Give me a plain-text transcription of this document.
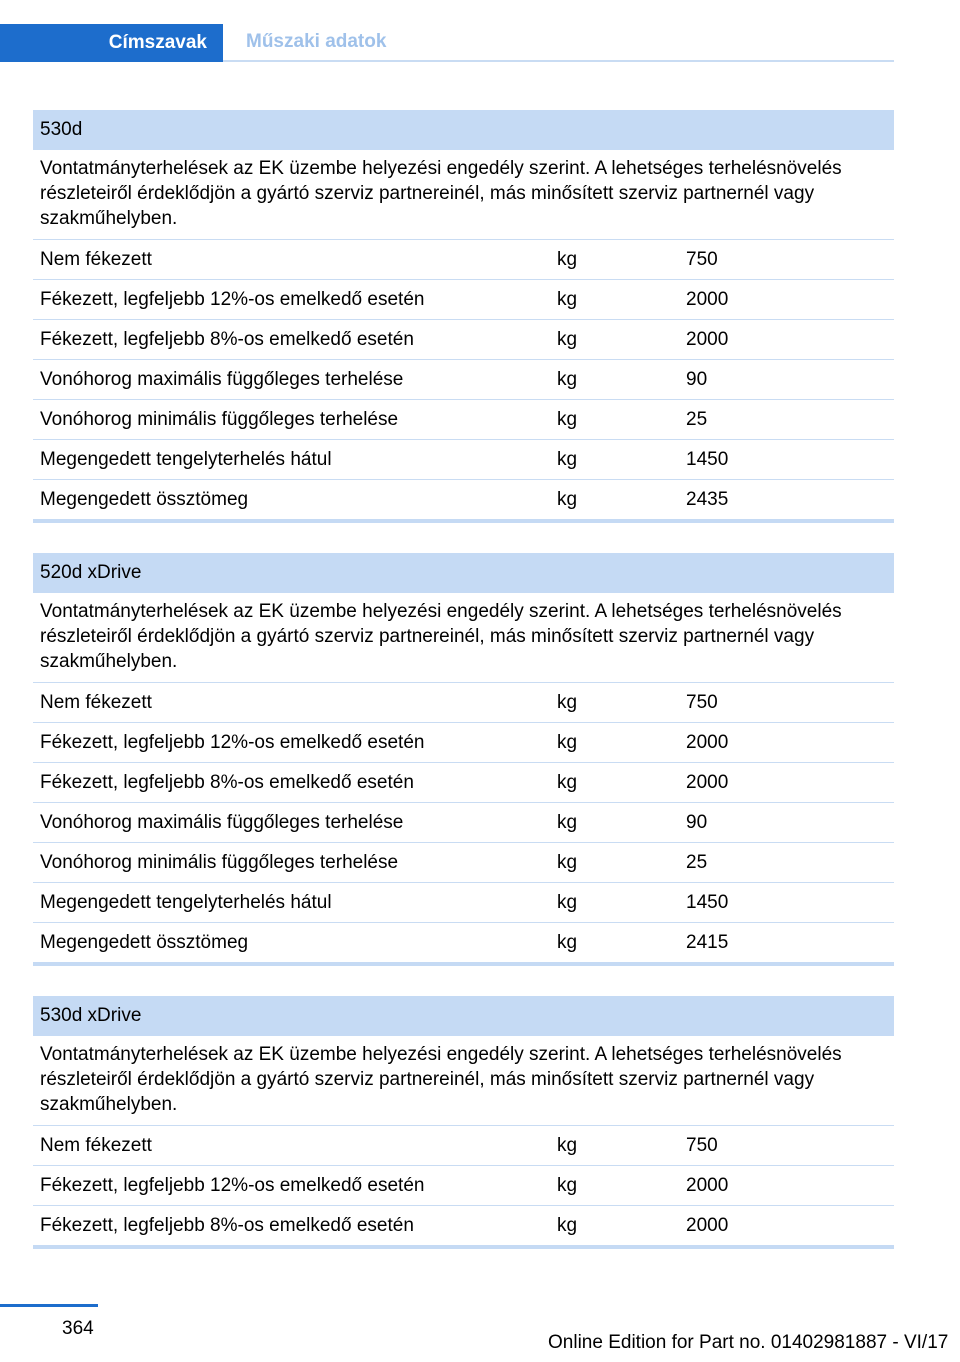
Címszavak	Műszaki adatok
530d
Vontatmányterhelések az EK üzembe helyezési engedély szerint. A lehetséges terhelésnövelés részleteiről érdeklődjön a gyártó szerviz partnereinél, más minősített szerviz partnernél vagy szakműhelyben.
Nem fékezett	kg	750
Fékezett, legfeljebb 12%-os emelkedő esetén	kg	2000
Fékezett, legfeljebb 8%-os emelkedő esetén	kg	2000
Vonóhorog maximális függőleges terhelése	kg	90
Vonóhorog minimális függőleges terhelése	kg	25
Megengedett tengelyterhelés hátul	kg	1450
Megengedett össztömeg	kg	2435
520d xDrive
Vontatmányterhelések az EK üzembe helyezési engedély szerint. A lehetséges terhelésnövelés részleteiről érdeklődjön a gyártó szerviz partnereinél, más minősített szerviz partnernél vagy szakműhelyben.
Nem fékezett	kg	750
Fékezett, legfeljebb 12%-os emelkedő esetén	kg	2000
Fékezett, legfeljebb 8%-os emelkedő esetén	kg	2000
Vonóhorog maximális függőleges terhelése	kg	90
Vonóhorog minimális függőleges terhelése	kg	25
Megengedett tengelyterhelés hátul	kg	1450
Megengedett össztömeg	kg	2415
530d xDrive
Vontatmányterhelések az EK üzembe helyezési engedély szerint. A lehetséges terhelésnövelés részleteiről érdeklődjön a gyártó szerviz partnereinél, más minősített szerviz partnernél vagy szakműhelyben.
Nem fékezett	kg	750
Fékezett, legfeljebb 12%-os emelkedő esetén	kg	2000
Fékezett, legfeljebb 8%-os emelkedő esetén	kg	2000
364
Online Edition for Part no. 01402981887 - VI/17
